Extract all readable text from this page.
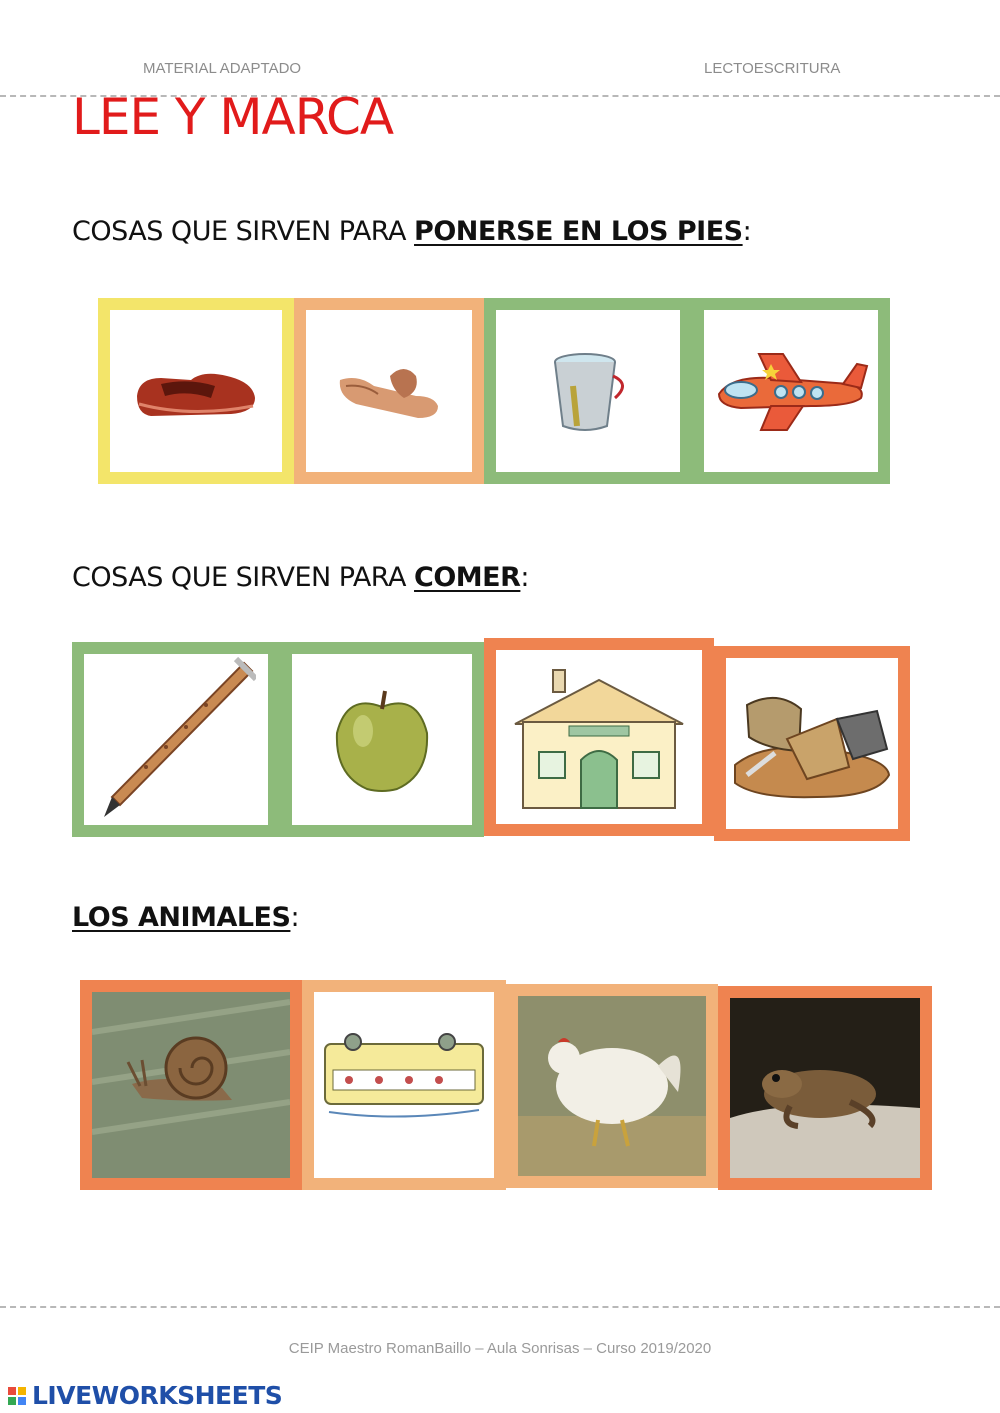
MATERIAL ADAPTADO	LECTOESCRITURA
LEE Y MARCA
COSAS QUE SIRVEN PARA PONERSE EN LOS PIES:
COSAS QUE SIRVEN PARA COMER:
LOS ANIMALES:
CEIP Maestro RomanBaillo – Aula Sonrisas – Curso 2019/2020
LIVEWORKSHEETS
